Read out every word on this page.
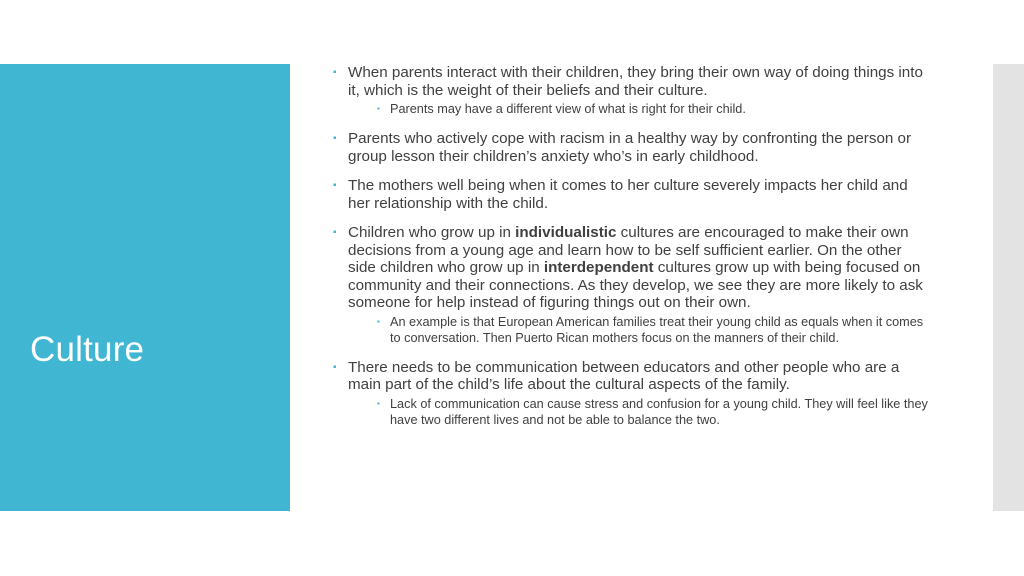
Culture
▪ When parents interact with their children, they bring their own way of doing things into it, which is the weight of their beliefs and their culture.
▪ Parents may have a different view of what is right for their child.
▪ Parents who actively cope with racism in a healthy way by confronting the person or group lesson their children’s anxiety who’s in early childhood.
▪ The mothers well being when it comes to her culture severely impacts her child and her relationship with the child.
▪ Children who grow up in individualistic cultures are encouraged to make their own decisions from a young age and learn how to be self sufficient earlier. On the other side children who grow up in interdependent cultures grow up with being focused on community and their connections. As they develop, we see they are more likely to ask someone for help instead of figuring things out on their own.
▪ An example is that European American families treat their young child as equals when it comes to conversation. Then Puerto Rican mothers focus on the manners of their child.
▪ There needs to be communication between educators and other people who are a main part of the child’s life about the cultural aspects of the family.
▪ Lack of communication can cause stress and confusion for a young child. They will feel like they have two different lives and not be able to balance the two.
